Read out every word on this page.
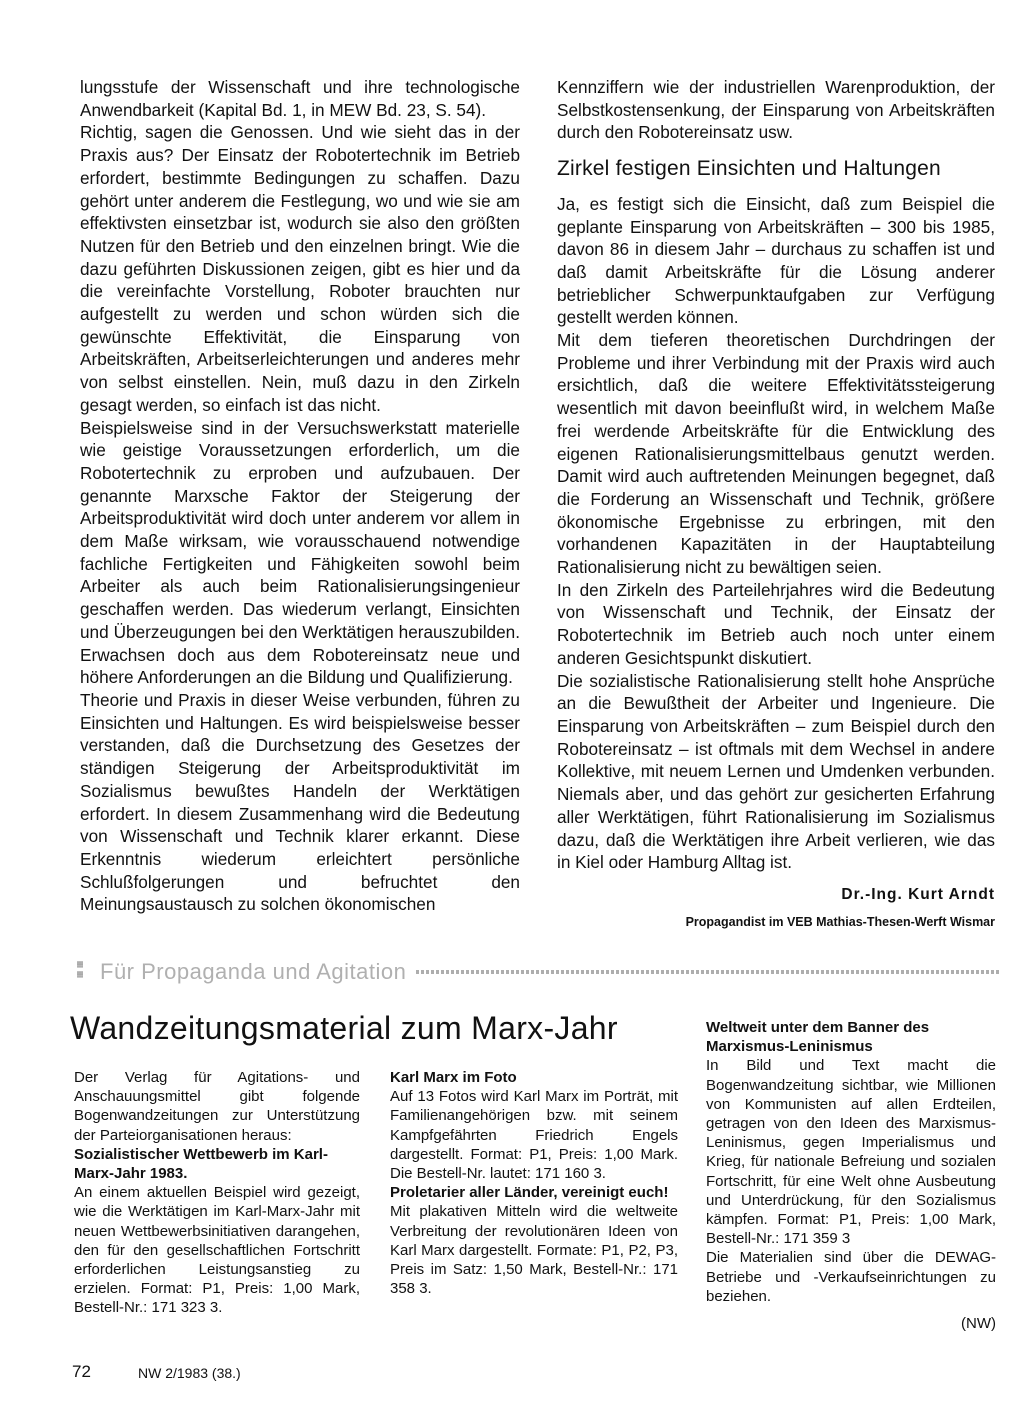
lungsstufe der Wissenschaft und ihre technologische Anwendbarkeit (Kapital Bd. 1, in MEW Bd. 23, S. 54).

Richtig, sagen die Genossen. Und wie sieht das in der Praxis aus? Der Einsatz der Robotertechnik im Betrieb erfordert, bestimmte Bedingungen zu schaffen. Dazu gehört unter anderem die Festlegung, wo und wie sie am effektivsten einsetzbar ist, wodurch sie also den größten Nutzen für den Betrieb und den einzelnen bringt. Wie die dazu geführten Diskussionen zeigen, gibt es hier und da die vereinfachte Vorstellung, Roboter brauchten nur aufgestellt zu werden und schon würden sich die gewünschte Effektivität, die Einsparung von Arbeitskräften, Arbeitserleichterungen und anderes mehr von selbst einstellen. Nein, muß dazu in den Zirkeln gesagt werden, so einfach ist das nicht.

Beispielsweise sind in der Versuchswerkstatt materielle wie geistige Voraussetzungen erforderlich, um die Robotertechnik zu erproben und aufzubauen. Der genannte Marxsche Faktor der Steigerung der Arbeitsproduktivität wird doch unter anderem vor allem in dem Maße wirksam, wie vorausschauend notwendige fachliche Fertigkeiten und Fähigkeiten sowohl beim Arbeiter als auch beim Rationalisierungsingenieur geschaffen werden. Das wiederum verlangt, Einsichten und Überzeugungen bei den Werktätigen herauszubilden. Erwachsen doch aus dem Robotereinsatz neue und höhere Anforderungen an die Bildung und Qualifizierung.

Theorie und Praxis in dieser Weise verbunden, führen zu Einsichten und Haltungen. Es wird beispielsweise besser verstanden, daß die Durchsetzung des Gesetzes der ständigen Steigerung der Arbeitsproduktivität im Sozialismus bewußtes Handeln der Werktätigen erfordert. In diesem Zusammenhang wird die Bedeutung von Wissenschaft und Technik klarer erkannt. Diese Erkenntnis wiederum erleichtert persönliche Schlußfolgerungen und befruchtet den Meinungsaustausch zu solchen ökonomischen

Kennziffern wie der industriellen Warenproduktion, der Selbstkostensenkung, der Einsparung von Arbeitskräften durch den Robotereinsatz usw.

Zirkel festigen Einsichten und Haltungen

Ja, es festigt sich die Einsicht, daß zum Beispiel die geplante Einsparung von Arbeitskräften – 300 bis 1985, davon 86 in diesem Jahr – durchaus zu schaffen ist und daß damit Arbeitskräfte für die Lösung anderer betrieblicher Schwerpunktaufgaben zur Verfügung gestellt werden können.

Mit dem tieferen theoretischen Durchdringen der Probleme und ihrer Verbindung mit der Praxis wird auch ersichtlich, daß die weitere Effektivitätssteigerung wesentlich mit davon beeinflußt wird, in welchem Maße frei werdende Arbeitskräfte für die Entwicklung des eigenen Rationalisierungsmittelbaus genutzt werden. Damit wird auch auftretenden Meinungen begegnet, daß die Forderung an Wissenschaft und Technik, größere ökonomische Ergebnisse zu erbringen, mit den vorhandenen Kapazitäten in der Hauptabteilung Rationalisierung nicht zu bewältigen seien.

In den Zirkeln des Parteilehrjahres wird die Bedeutung von Wissenschaft und Technik, der Einsatz der Robotertechnik im Betrieb auch noch unter einem anderen Gesichtspunkt diskutiert.

Die sozialistische Rationalisierung stellt hohe Ansprüche an die Bewußtheit der Arbeiter und Ingenieure. Die Einsparung von Arbeitskräften – zum Beispiel durch den Robotereinsatz – ist oftmals mit dem Wechsel in andere Kollektive, mit neuem Lernen und Umdenken verbunden. Niemals aber, und das gehört zur gesicherten Erfahrung aller Werktätigen, führt Rationalisierung im Sozialismus dazu, daß die Werktätigen ihre Arbeit verlieren, wie das in Kiel oder Hamburg Alltag ist.

Dr.-Ing. Kurt Arndt
Propagandist im VEB Mathias-Thesen-Werft Wismar
▦
▦ Für Propaganda und Agitation
Wandzeitungsmaterial zum Marx-Jahr

Der Verlag für Agitations- und Anschauungsmittel gibt folgende Bogenwandzeitungen zur Unterstützung der Parteiorganisationen heraus:

Sozialistischer Wettbewerb im Karl-Marx-Jahr 1983.

An einem aktuellen Beispiel wird gezeigt, wie die Werktätigen im Karl-Marx-Jahr mit neuen Wettbewerbsinitiativen darangehen, den für den gesellschaftlichen Fortschritt erforderlichen Leistungsanstieg zu erzielen. Format: P1, Preis: 1,00 Mark, Bestell-Nr.: 171 323 3.

Karl Marx im Foto

Auf 13 Fotos wird Karl Marx im Porträt, mit Familienangehörigen bzw. mit seinem Kampfgefährten Friedrich Engels dargestellt. Format: P1, Preis: 1,00 Mark. Die Bestell-Nr. lautet: 171 160 3.

Proletarier aller Länder, vereinigt euch!

Mit plakativen Mitteln wird die weltweite Verbreitung der revolutionären Ideen von Karl Marx dargestellt. Formate: P1, P2, P3, Preis im Satz: 1,50 Mark, Bestell-Nr.: 171 358 3.

Weltweit unter dem Banner des Marxismus-Leninismus

In Bild und Text macht die Bogenwandzeitung sichtbar, wie Millionen von Kommunisten auf allen Erdteilen, getragen von den Ideen des Marxismus-Leninismus, gegen Imperialismus und Krieg, für nationale Befreiung und sozialen Fortschritt, für eine Welt ohne Ausbeutung und Unterdrückung, für den Sozialismus kämpfen. Format: P1, Preis: 1,00 Mark, Bestell-Nr.: 171 359 3

Die Materialien sind über die DEWAG-Betriebe und -Verkaufseinrichtungen zu beziehen.

(NW)
72	NW 2/1983 (38.)
